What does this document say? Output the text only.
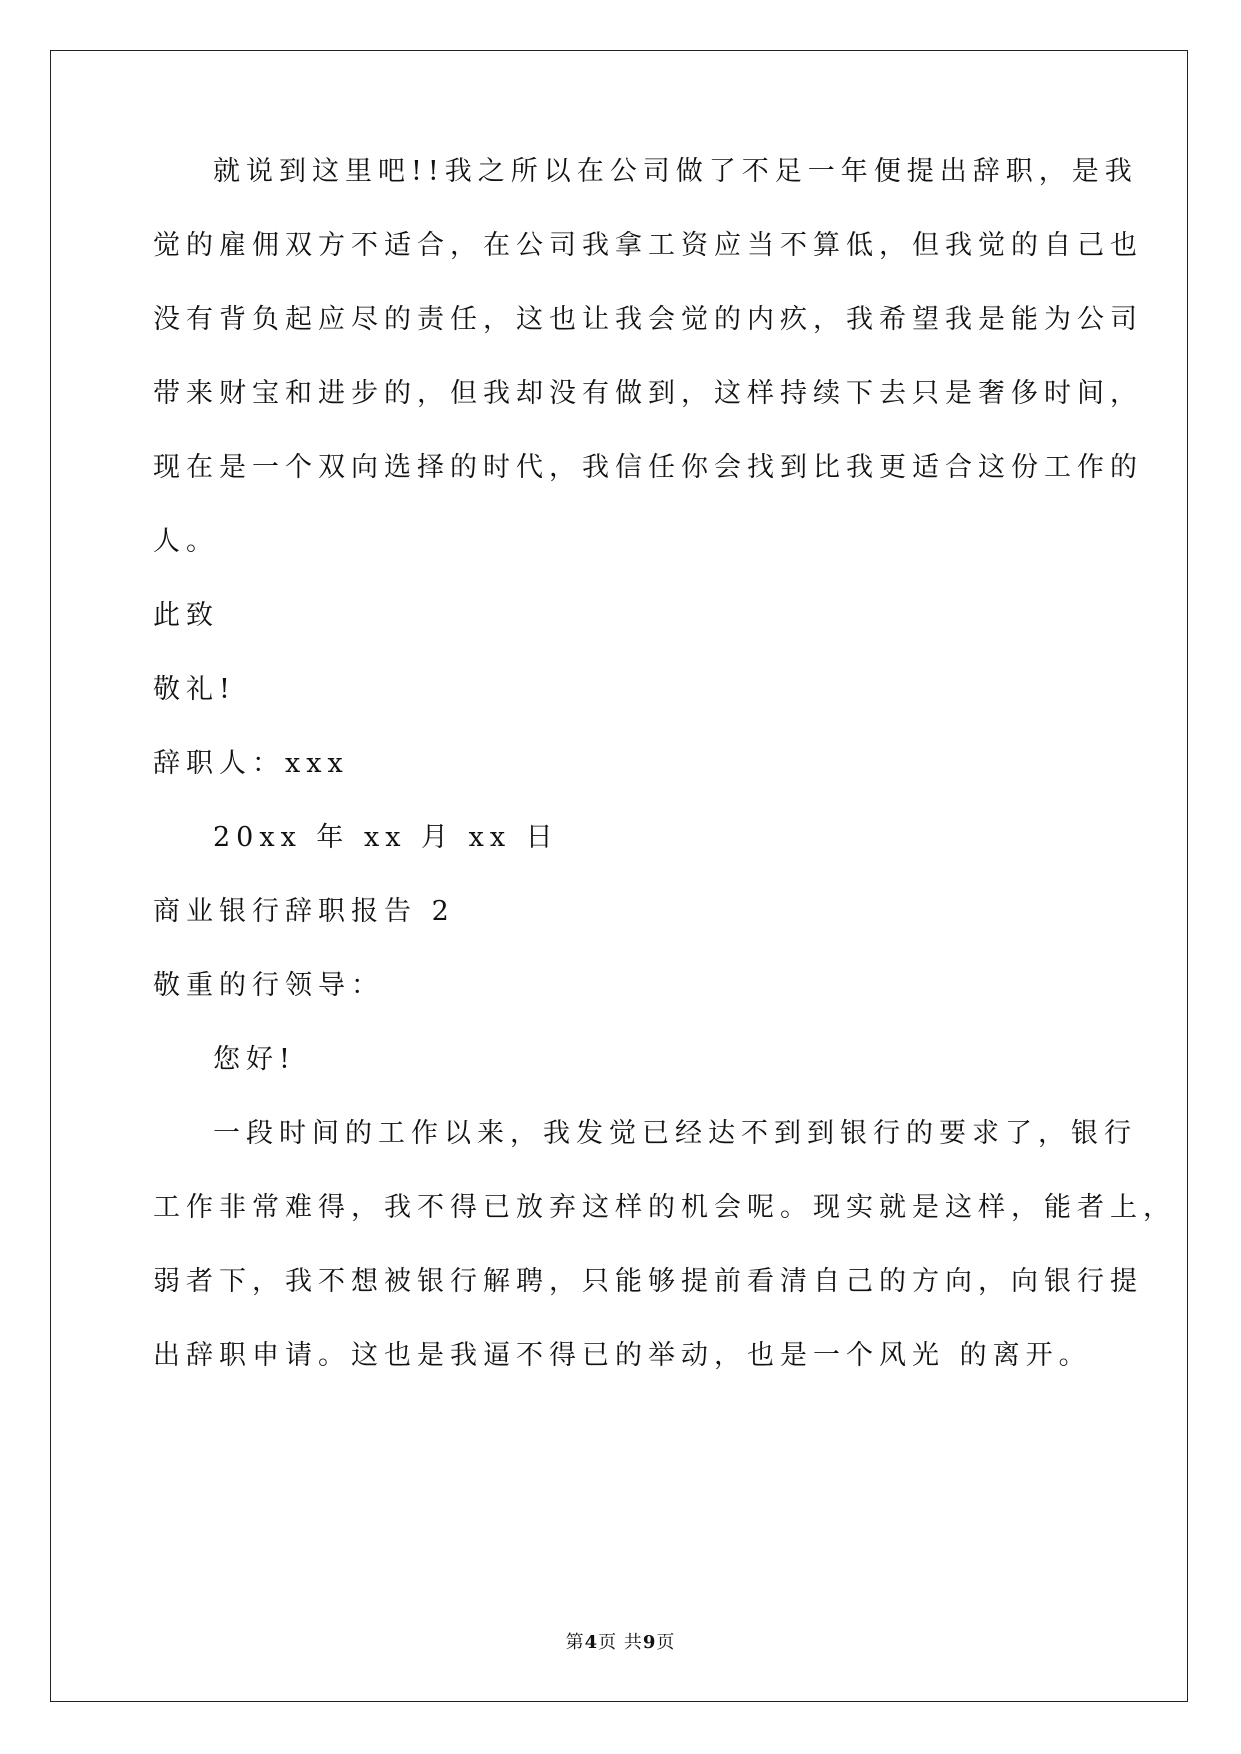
就说到这里吧!!我之所以在公司做了不足一年便提出辞职，是我
觉的雇佣双方不适合，在公司我拿工资应当不算低，但我觉的自己也
没有背负起应尽的责任，这也让我会觉的内疚，我希望我是能为公司
带来财宝和进步的，但我却没有做到，这样持续下去只是奢侈时间，
现在是一个双向选择的时代，我信任你会找到比我更适合这份工作的
人。
此致
敬礼!
辞职人：xxx
20xx 年 xx 月 xx 日
商业银行辞职报告 2
敬重的行领导：
您好!
一段时间的工作以来，我发觉已经达不到到银行的要求了，银行
工作非常难得，我不得已放弃这样的机会呢。现实就是这样，能者上，
弱者下，我不想被银行解聘，只能够提前看清自己的方向，向银行提
出辞职申请。这也是我逼不得已的举动，也是一个风光 的离开。
第4页 共9页
